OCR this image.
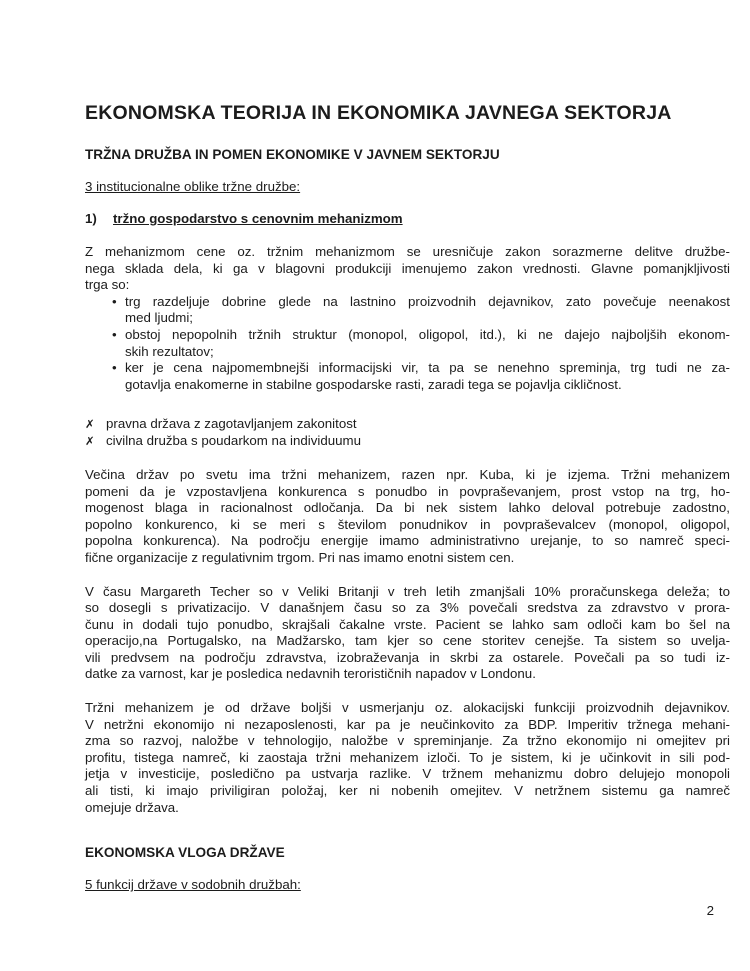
EKONOMSKA TEORIJA IN EKONOMIKA JAVNEGA SEKTORJA
TRŽNA DRUŽBA IN POMEN EKONOMIKE V JAVNEM SEKTORJU
3 institucionalne oblike tržne družbe:
1) tržno gospodarstvo s cenovnim mehanizmom
Z mehanizmom cene oz. tržnim mehanizmom se uresničuje zakon sorazmerne delitve družbe-
nega sklada dela, ki ga v blagovni produkciji imenujemo zakon vrednosti. Glavne pomanjkljivosti
trga so:
• trg razdeljuje dobrine glede na lastnino proizvodnih dejavnikov, zato povečuje neenakost
med ljudmi;
• obstoj nepopolnih tržnih struktur (monopol, oligopol, itd.), ki ne dajejo najboljših ekonom-
skih rezultatov;
• ker je cena najpomembnejši informacijski vir, ta pa se nenehno spreminja, trg tudi ne za-
gotavlja enakomerne in stabilne gospodarske rasti, zaradi tega se pojavlja cikličnost.
✗ pravna država z zagotavljanjem zakonitost
✗ civilna družba s poudarkom na individuumu
Večina držav po svetu ima tržni mehanizem, razen npr. Kuba, ki je izjema. Tržni mehanizem
pomeni da je vzpostavljena konkurenca s ponudbo in povpraševanjem, prost vstop na trg, ho-
mogenost blaga in racionalnost odločanja. Da bi nek sistem lahko deloval potrebuje zadostno,
popolno konkurenco, ki se meri s številom ponudnikov in povpraševalcev (monopol, oligopol,
popolna konkurenca). Na področju energije imamo administrativno urejanje, to so namreč speci-
fične organizacije z regulativnim trgom. Pri nas imamo enotni sistem cen.
V času Margareth Techer so v Veliki Britanji v treh letih zmanjšali 10% proračunskega deleža; to
so dosegli s privatizacijo. V današnjem času so za 3% povečali sredstva za zdravstvo v prora-
čunu in dodali tujo ponudbo, skrajšali čakalne vrste. Pacient se lahko sam odloči kam bo šel na
operacijo,na Portugalsko, na Madžarsko, tam kjer so cene storitev cenejše. Ta sistem so uvelja-
vili predvsem na področju zdravstva, izobraževanja in skrbi za ostarele. Povečali pa so tudi iz-
datke za varnost, kar je posledica nedavnih terorističnih napadov v Londonu.
Tržni mehanizem je od države boljši v usmerjanju oz. alokacijski funkciji proizvodnih dejavnikov.
V netržni ekonomijo ni nezaposlenosti, kar pa je neučinkovito za BDP. Imperitiv tržnega mehani-
zma so razvoj, naložbe v tehnologijo, naložbe v spreminjanje. Za tržno ekonomijo ni omejitev pri
profitu, tistega namreč, ki zaostaja tržni mehanizem izloči. To je sistem, ki je učinkovit in sili pod-
jetja v investicije, posledično pa ustvarja razlike. V tržnem mehanizmu dobro delujejo monopoli
ali tisti, ki imajo priviligiran položaj, ker ni nobenih omejitev. V netržnem sistemu ga namreč
omejuje država.
EKONOMSKA VLOGA DRŽAVE
5 funkcij države v sodobnih družbah:
2
